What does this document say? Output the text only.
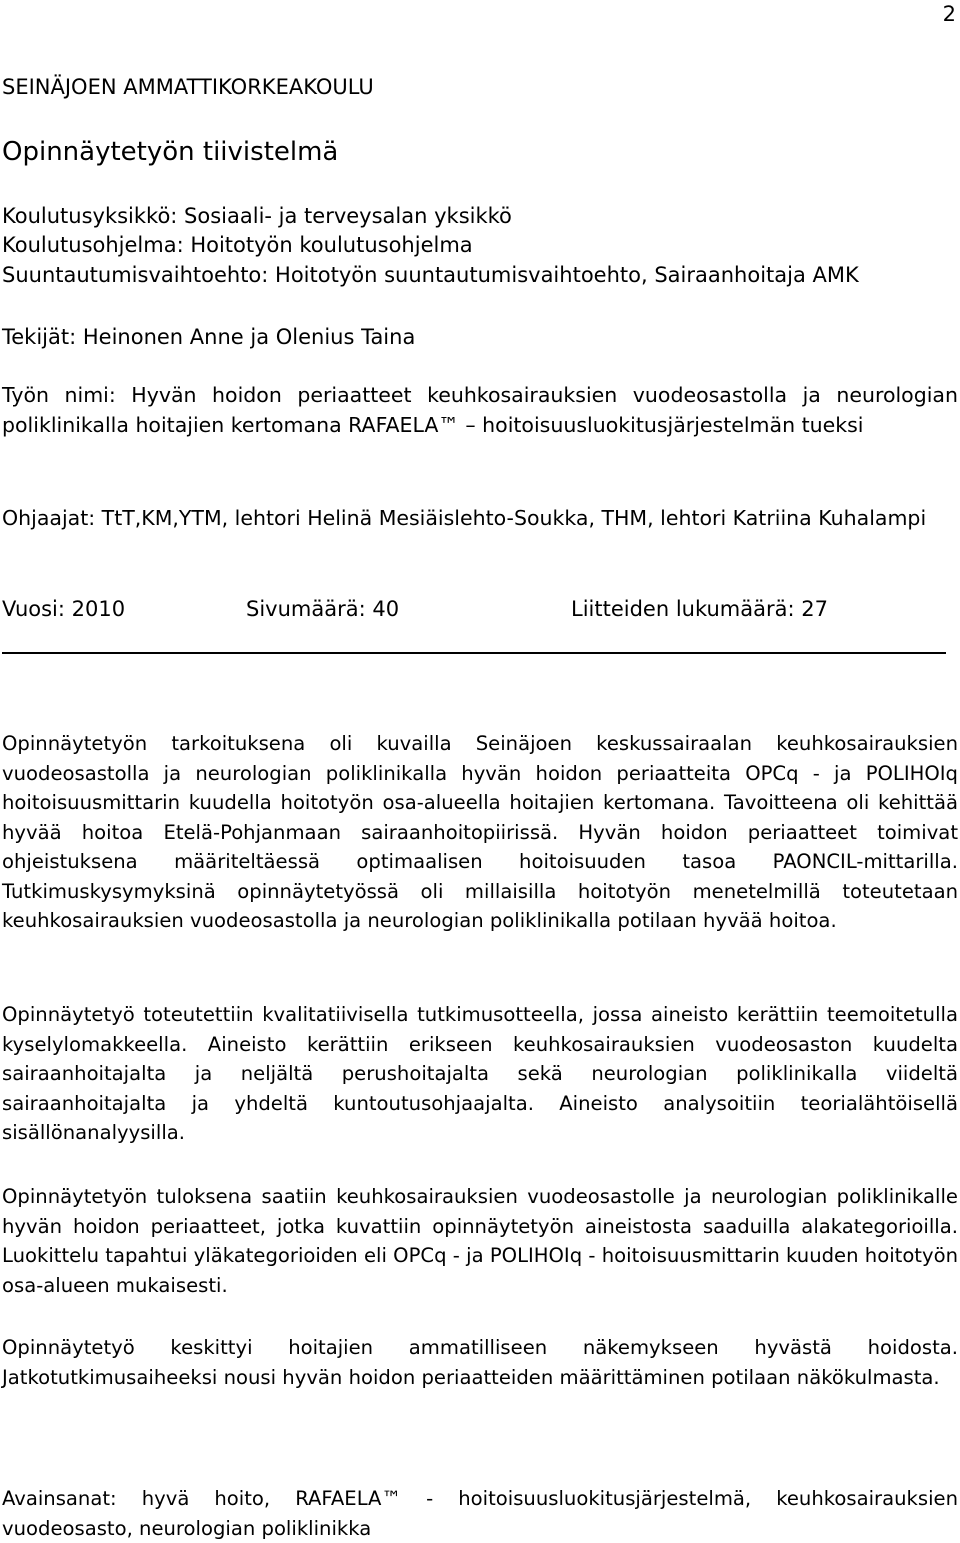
2
SEINÄJOEN AMMATTIKORKEAKOULU
Opinnäytetyön tiivistelmä
Koulutusyksikkö: Sosiaali- ja terveysalan yksikkö
Koulutusohjelma: Hoitotyön koulutusohjelma
Suuntautumisvaihtoehto: Hoitotyön suuntautumisvaihtoehto, Sairaanhoitaja AMK
Tekijät: Heinonen Anne ja Olenius Taina

Työn nimi: Hyvän hoidon periaatteet keuhkosairauksien vuodeosastolla ja neurologian poliklinikalla hoitajien kertomana RAFAELA™ – hoitoisuusluokitusjärjestelmän tueksi

Ohjaajat: TtT,KM,YTM, lehtori Helinä Mesiäislehto-Soukka, THM, lehtori Katriina Kuhalampi

Vuosi: 2010	Sivumäärä: 40	Liitteiden lukumäärä: 27

Opinnäytetyön tarkoituksena oli kuvailla Seinäjoen keskussairaalan keuhkosairauksien vuodeosastolla ja neurologian poliklinikalla hyvän hoidon periaatteita OPCq - ja POLIHOIq hoitoisuusmittarin kuudella hoitotyön osa-alueella hoitajien kertomana. Tavoitteena oli kehittää hyvää hoitoa Etelä-Pohjanmaan sairaanhoitopiirissä. Hyvän hoidon periaatteet toimivat ohjeistuksena määriteltäessä optimaalisen hoitoisuuden tasoa PAONCIL-mittarilla. Tutkimuskysymyksinä opinnäytetyössä oli millaisilla hoitotyön menetelmillä toteutetaan keuhkosairauksien vuodeosastolla ja neurologian poliklinikalla potilaan hyvää hoitoa.

Opinnäytetyö toteutettiin kvalitatiivisella tutkimusotteella, jossa aineisto kerättiin teemoitetulla kyselylomakkeella. Aineisto kerättiin erikseen keuhkosairauksien vuodeosaston kuudelta sairaanhoitajalta ja neljältä perushoitajalta sekä neurologian poliklinikalla viideltä sairaanhoitajalta ja yhdeltä kuntoutusohjaajalta. Aineisto analysoitiin teorialähtöisellä sisällönanalyysilla.

Opinnäytetyön tuloksena saatiin keuhkosairauksien vuodeosastolle ja neurologian poliklinikalle hyvän hoidon periaatteet, jotka kuvattiin opinnäytetyön aineistosta saaduilla alakategorioilla. Luokittelu tapahtui yläkategorioiden eli OPCq - ja POLIHOIq - hoitoisuusmittarin kuuden hoitotyön osa-alueen mukaisesti.

Opinnäytetyö keskittyi hoitajien ammatilliseen näkemykseen hyvästä hoidosta. Jatkotutkimusaiheeksi nousi hyvän hoidon periaatteiden määrittäminen potilaan näkökulmasta.

Avainsanat: hyvä hoito, RAFAELA™ - hoitoisuusluokitusjärjestelmä, keuhkosairauksien vuodeosasto, neurologian poliklinikka
